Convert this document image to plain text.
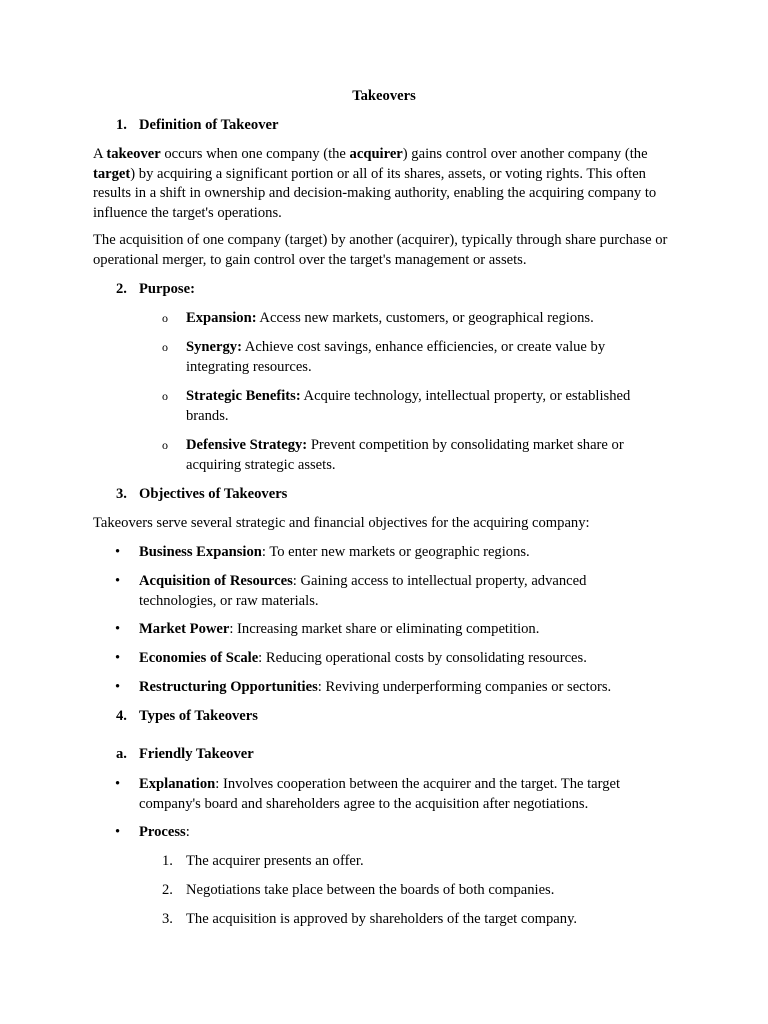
Takeovers
1. Definition of Takeover
A takeover occurs when one company (the acquirer) gains control over another company (the target) by acquiring a significant portion or all of its shares, assets, or voting rights. This often results in a shift in ownership and decision-making authority, enabling the acquiring company to influence the target's operations.
The acquisition of one company (target) by another (acquirer), typically through share purchase or operational merger, to gain control over the target's management or assets.
2. Purpose:
o Expansion: Access new markets, customers, or geographical regions.
o Synergy: Achieve cost savings, enhance efficiencies, or create value by integrating resources.
o Strategic Benefits: Acquire technology, intellectual property, or established brands.
o Defensive Strategy: Prevent competition by consolidating market share or acquiring strategic assets.
3. Objectives of Takeovers
Takeovers serve several strategic and financial objectives for the acquiring company:
• Business Expansion: To enter new markets or geographic regions.
• Acquisition of Resources: Gaining access to intellectual property, advanced technologies, or raw materials.
• Market Power: Increasing market share or eliminating competition.
• Economies of Scale: Reducing operational costs by consolidating resources.
• Restructuring Opportunities: Reviving underperforming companies or sectors.
4. Types of Takeovers
a. Friendly Takeover
• Explanation: Involves cooperation between the acquirer and the target. The target company's board and shareholders agree to the acquisition after negotiations.
• Process:
1. The acquirer presents an offer.
2. Negotiations take place between the boards of both companies.
3. The acquisition is approved by shareholders of the target company.
